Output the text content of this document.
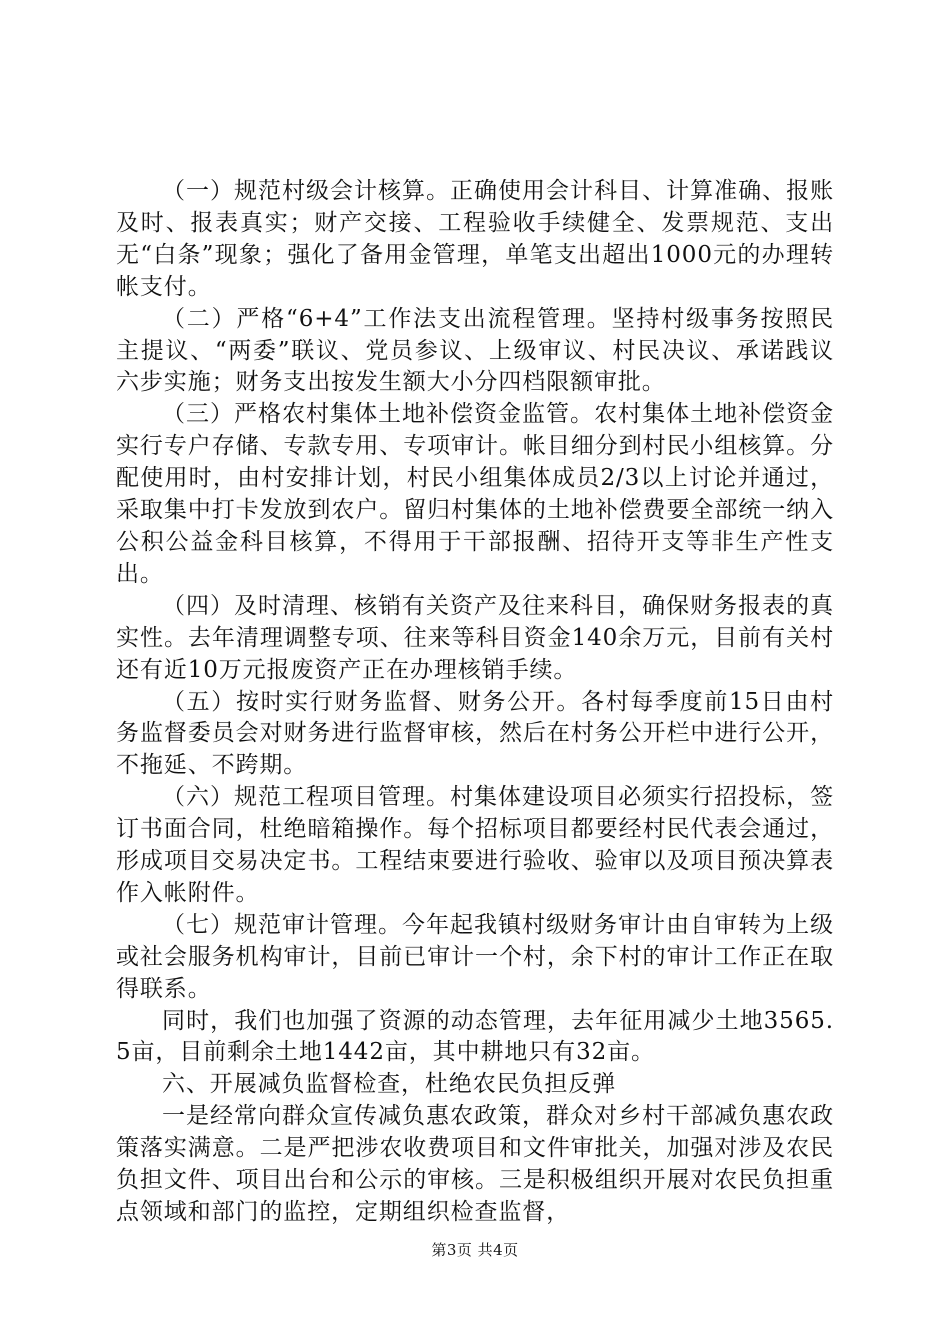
（一）规范村级会计核算。正确使用会计科目、计算准确、报账及时、报表真实；财产交接、工程验收手续健全、发票规范、支出无“白条”现象；强化了备用金管理，单笔支出超出1000元的办理转帐支付。

（二）严格“6+4”工作法支出流程管理。坚持村级事务按照民主提议、“两委”联议、党员参议、上级审议、村民决议、承诺践议六步实施；财务支出按发生额大小分四档限额审批。

（三）严格农村集体土地补偿资金监管。农村集体土地补偿资金实行专户存储、专款专用、专项审计。帐目细分到村民小组核算。分配使用时，由村安排计划，村民小组集体成员2/3以上讨论并通过，采取集中打卡发放到农户。留归村集体的土地补偿费要全部统一纳入公积公益金科目核算，不得用于干部报酬、招待开支等非生产性支出。

（四）及时清理、核销有关资产及往来科目，确保财务报表的真实性。去年清理调整专项、往来等科目资金140余万元，目前有关村还有近10万元报废资产正在办理核销手续。

（五）按时实行财务监督、财务公开。各村每季度前15日由村务监督委员会对财务进行监督审核，然后在村务公开栏中进行公开，不拖延、不跨期。

（六）规范工程项目管理。村集体建设项目必须实行招投标，签订书面合同，杜绝暗箱操作。每个招标项目都要经村民代表会通过，形成项目交易决定书。工程结束要进行验收、验审以及项目预决算表作入帐附件。

（七）规范审计管理。今年起我镇村级财务审计由自审转为上级或社会服务机构审计，目前已审计一个村，余下村的审计工作正在取得联系。

同时，我们也加强了资源的动态管理，去年征用减少土地3565.5亩，目前剩余土地1442亩，其中耕地只有32亩。

六、开展减负监督检查，杜绝农民负担反弹

一是经常向群众宣传减负惠农政策，群众对乡村干部减负惠农政策落实满意。二是严把涉农收费项目和文件审批关，加强对涉及农民负担文件、项目出台和公示的审核。三是积极组织开展对农民负担重点领域和部门的监控，定期组织检查监督，

第3页 共4页
